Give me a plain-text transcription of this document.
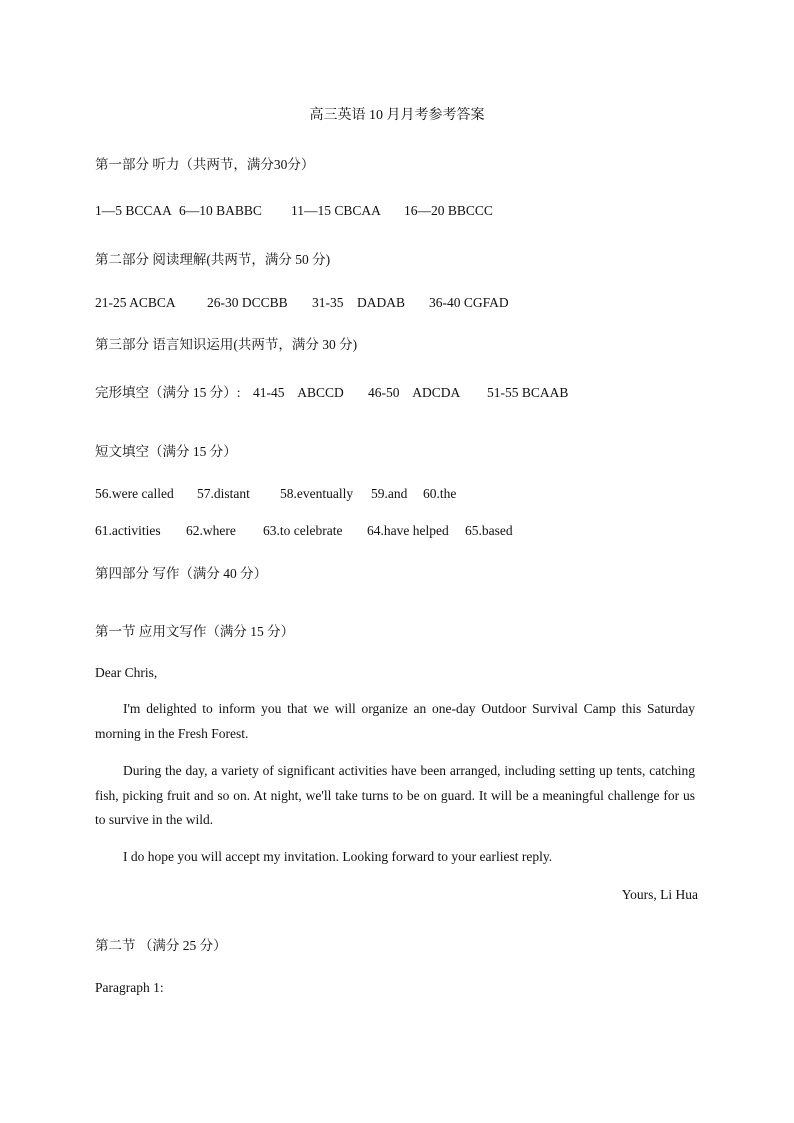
高三英语 10 月月考参考答案
第一部分 听力（共两节，满分30分）
1—5 BCCAA 6—10 BABBC 11—15 CBCAA 16—20 BBCCC
第二部分 阅读理解(共两节，满分 50 分)
21-25 ACBCA 26-30 DCCBB 31-35    DADAB 36-40 CGFAD
第三部分 语言知识运用(共两节，满分 30 分)
完形填空（满分 15 分）: 41-45    ABCCD 46-50    ADCDA 51-55 BCAAB
短文填空（满分 15 分）
56.were called 57.distant 58.eventually 59.and 60.the
61.activities 62.where 63.to celebrate 64.have helped 65.based
第四部分 写作（满分 40 分）
第一节 应用文写作（满分 15 分）
Dear Chris,
I'm delighted to inform you that we will organize an one-day Outdoor Survival Camp this Saturday morning in the Fresh Forest.
During the day, a variety of significant activities have been arranged, including setting up tents, catching fish, picking fruit and so on. At night, we'll take turns to be on guard. It will be a meaningful challenge for us to survive in the wild.
I do hope you will accept my invitation. Looking forward to your earliest reply.
Yours, Li Hua
第二节 （满分 25 分）
Paragraph 1:
